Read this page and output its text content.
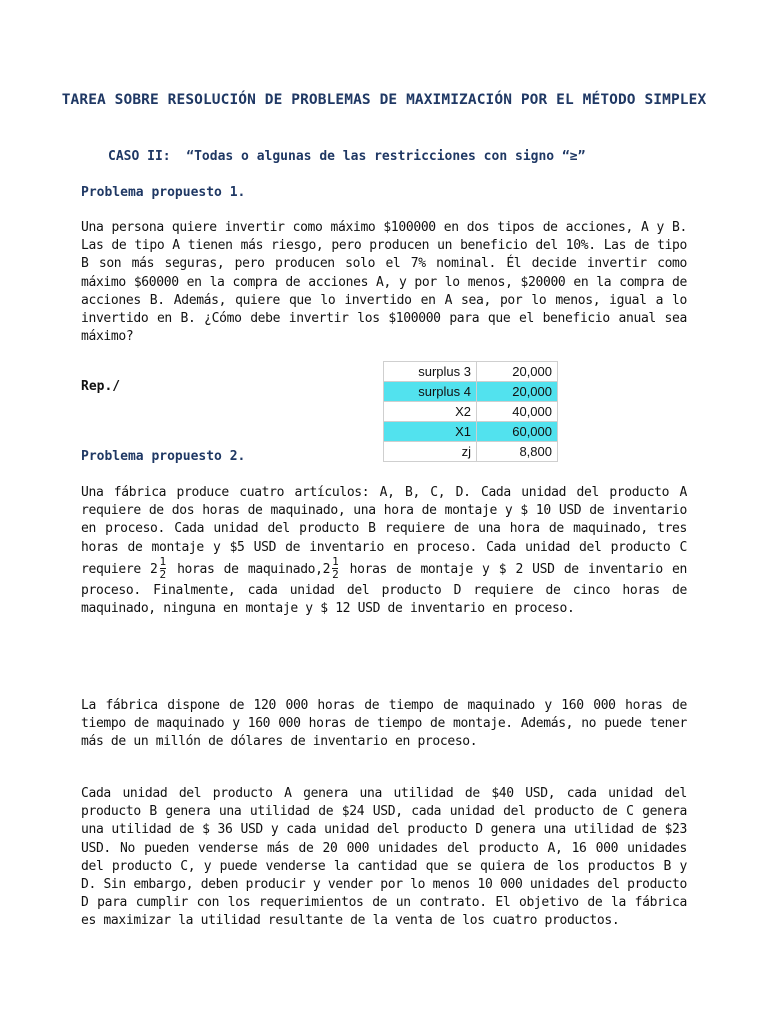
TAREA SOBRE RESOLUCIÓN DE PROBLEMAS DE MAXIMIZACIÓN POR EL MÉTODO SIMPLEX
CASO II:  “Todas o algunas de las restricciones con signo “≥”
Problema propuesto 1.
Una persona quiere invertir como máximo $100000 en dos tipos de acciones, A y B. Las de tipo A tienen más riesgo, pero producen un beneficio del 10%. Las de tipo B son más seguras, pero producen solo el 7% nominal. Él decide invertir como máximo $60000 en la compra de acciones A, y por lo menos, $20000 en la compra de acciones B. Además, quiere que lo invertido en A sea, por lo menos, igual a lo invertido en B. ¿Cómo debe invertir los $100000 para que el beneficio anual sea máximo?
Rep./
surplus 3	20,000
surplus 4	20,000
X2	40,000
X1	60,000
zj	8,800
Problema propuesto 2.
Una fábrica produce cuatro artículos: A, B, C, D. Cada unidad del producto A requiere de dos horas de maquinado, una hora de montaje y $ 10 USD de inventario en proceso. Cada unidad del producto B requiere de una hora de maquinado, tres horas de montaje y $5 USD de inventario en proceso. Cada unidad del producto C requiere $2 \frac{1}{2}$ horas de maquinado,2 $\frac{1}{2}$ horas de montaje y $ 2 USD de inventario en proceso. Finalmente, cada unidad del producto D requiere de cinco horas de maquinado, ninguna en montaje y $ 12 USD de inventario en proceso.
La fábrica dispone de 120 000 horas de tiempo de maquinado y 160 000 horas de tiempo de maquinado y 160 000 horas de tiempo de montaje. Además, no puede tener más de un millón de dólares de inventario en proceso.
Cada unidad del producto A genera una utilidad de $40 USD, cada unidad del producto B genera una utilidad de $24 USD, cada unidad del producto de C genera una utilidad de $ 36 USD y cada unidad del producto D genera una utilidad de $23 USD. No pueden venderse más de 20 000 unidades del producto A, 16 000 unidades del producto C, y puede venderse la cantidad que se quiera de los productos B y D. Sin embargo, deben producir y vender por lo menos 10 000 unidades del producto D para cumplir con los requerimientos de un contrato. El objetivo de la fábrica es maximizar la utilidad resultante de la venta de los cuatro productos.
